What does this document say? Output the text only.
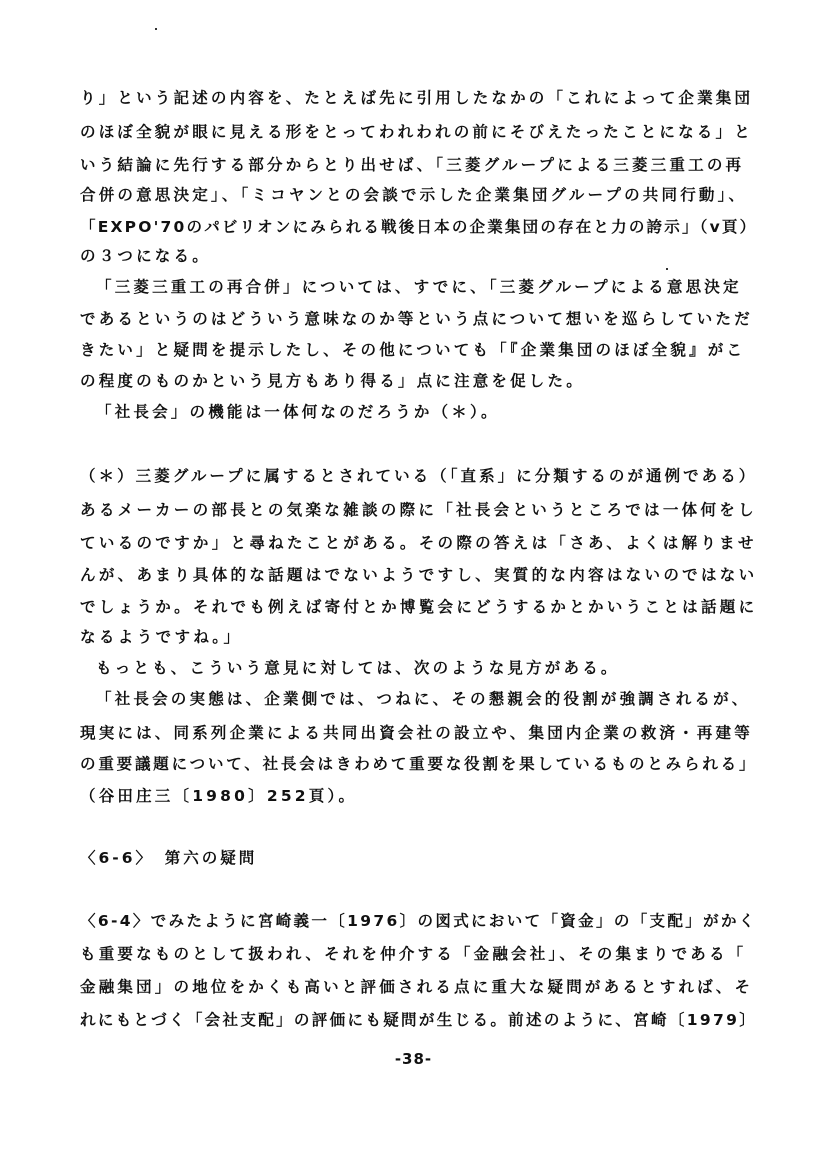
り」という記述の内容を、たとえば先に引用したなかの「これによって企業集団
のほぼ全貌が眼に見える形をとってわれわれの前にそびえたったことになる」と
いう結論に先行する部分からとり出せば、「三菱グループによる三菱三重工の再
合併の意思決定」、「ミコヤンとの会談で示した企業集団グループの共同行動」、
「EXPO'70のパビリオンにみられる戦後日本の企業集団の存在と力の誇示」（v頁）
の３つになる。
「三菱三重工の再合併」については、すでに、「三菱グループによる意思決定
であるというのはどういう意味なのか等という点について想いを巡らしていただ
きたい」と疑問を提示したし、その他についても「『企業集団のほぼ全貌』がこ
の程度のものかという見方もあり得る」点に注意を促した。
「社長会」の機能は一体何なのだろうか（＊）。
（＊）三菱グループに属するとされている（「直系」に分類するのが通例である）
あるメーカーの部長との気楽な雑談の際に「社長会というところでは一体何をし
ているのですか」と尋ねたことがある。その際の答えは「さあ、よくは解りませ
んが、あまり具体的な話題はでないようですし、実質的な内容はないのではない
でしょうか。それでも例えば寄付とか博覧会にどうするかとかいうことは話題に
なるようですね。」
もっとも、こういう意見に対しては、次のような見方がある。
「社長会の実態は、企業側では、つねに、その懇親会的役割が強調されるが、
現実には、同系列企業による共同出資会社の設立や、集団内企業の救済・再建等
の重要議題について、社長会はきわめて重要な役割を果しているものとみられる」
（谷田庄三〔1980〕252頁）。
〈6-6〉　第六の疑問
〈6-4〉でみたように宮崎義一〔1976〕の図式において「資金」の「支配」がかく
も重要なものとして扱われ、それを仲介する「金融会社」、その集まりである「
金融集団」の地位をかくも高いと評価される点に重大な疑問があるとすれば、そ
れにもとづく「会社支配」の評価にも疑問が生じる。前述のように、宮崎〔1979〕
-38-
